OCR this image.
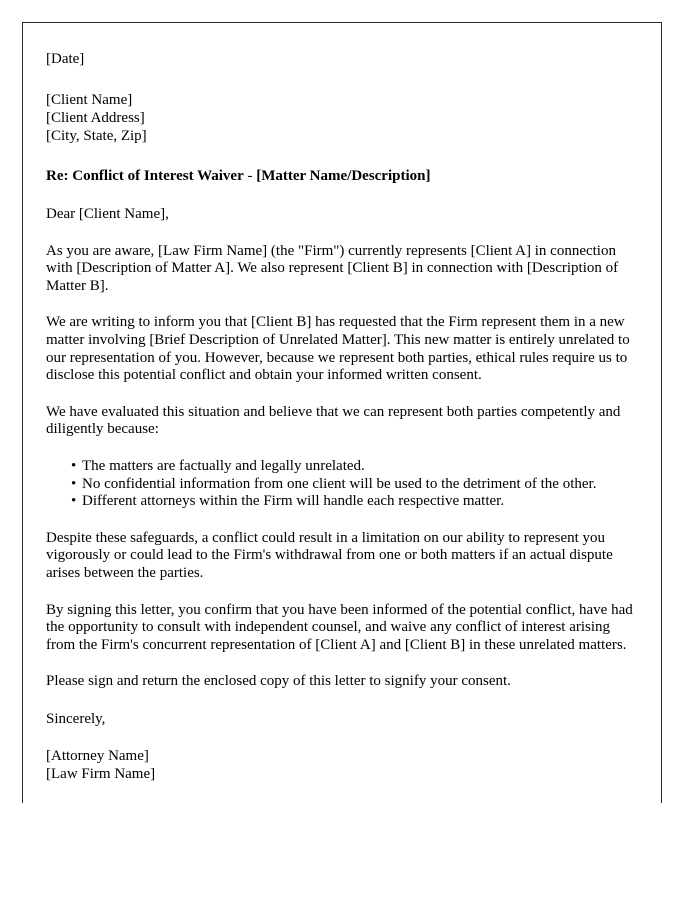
[Date]
[Client Name]
[Client Address]
[City, State, Zip]
Re: Conflict of Interest Waiver - [Matter Name/Description]
Dear [Client Name],

As you are aware, [Law Firm Name] (the "Firm") currently represents [Client A] in connection with [Description of Matter A]. We also represent [Client B] in connection with [Description of Matter B].

We are writing to inform you that [Client B] has requested that the Firm represent them in a new matter involving [Brief Description of Unrelated Matter]. This new matter is entirely unrelated to our representation of you. However, because we represent both parties, ethical rules require us to disclose this potential conflict and obtain your informed written consent.

We have evaluated this situation and believe that we can represent both parties competently and diligently because:

• The matters are factually and legally unrelated.
• No confidential information from one client will be used to the detriment of the other.
• Different attorneys within the Firm will handle each respective matter.

Despite these safeguards, a conflict could result in a limitation on our ability to represent you vigorously or could lead to the Firm's withdrawal from one or both matters if an actual dispute arises between the parties.

By signing this letter, you confirm that you have been informed of the potential conflict, have had the opportunity to consult with independent counsel, and waive any conflict of interest arising from the Firm's concurrent representation of [Client A] and [Client B] in these unrelated matters.

Please sign and return the enclosed copy of this letter to signify your consent.

Sincerely,
[Attorney Name]
[Law Firm Name]
